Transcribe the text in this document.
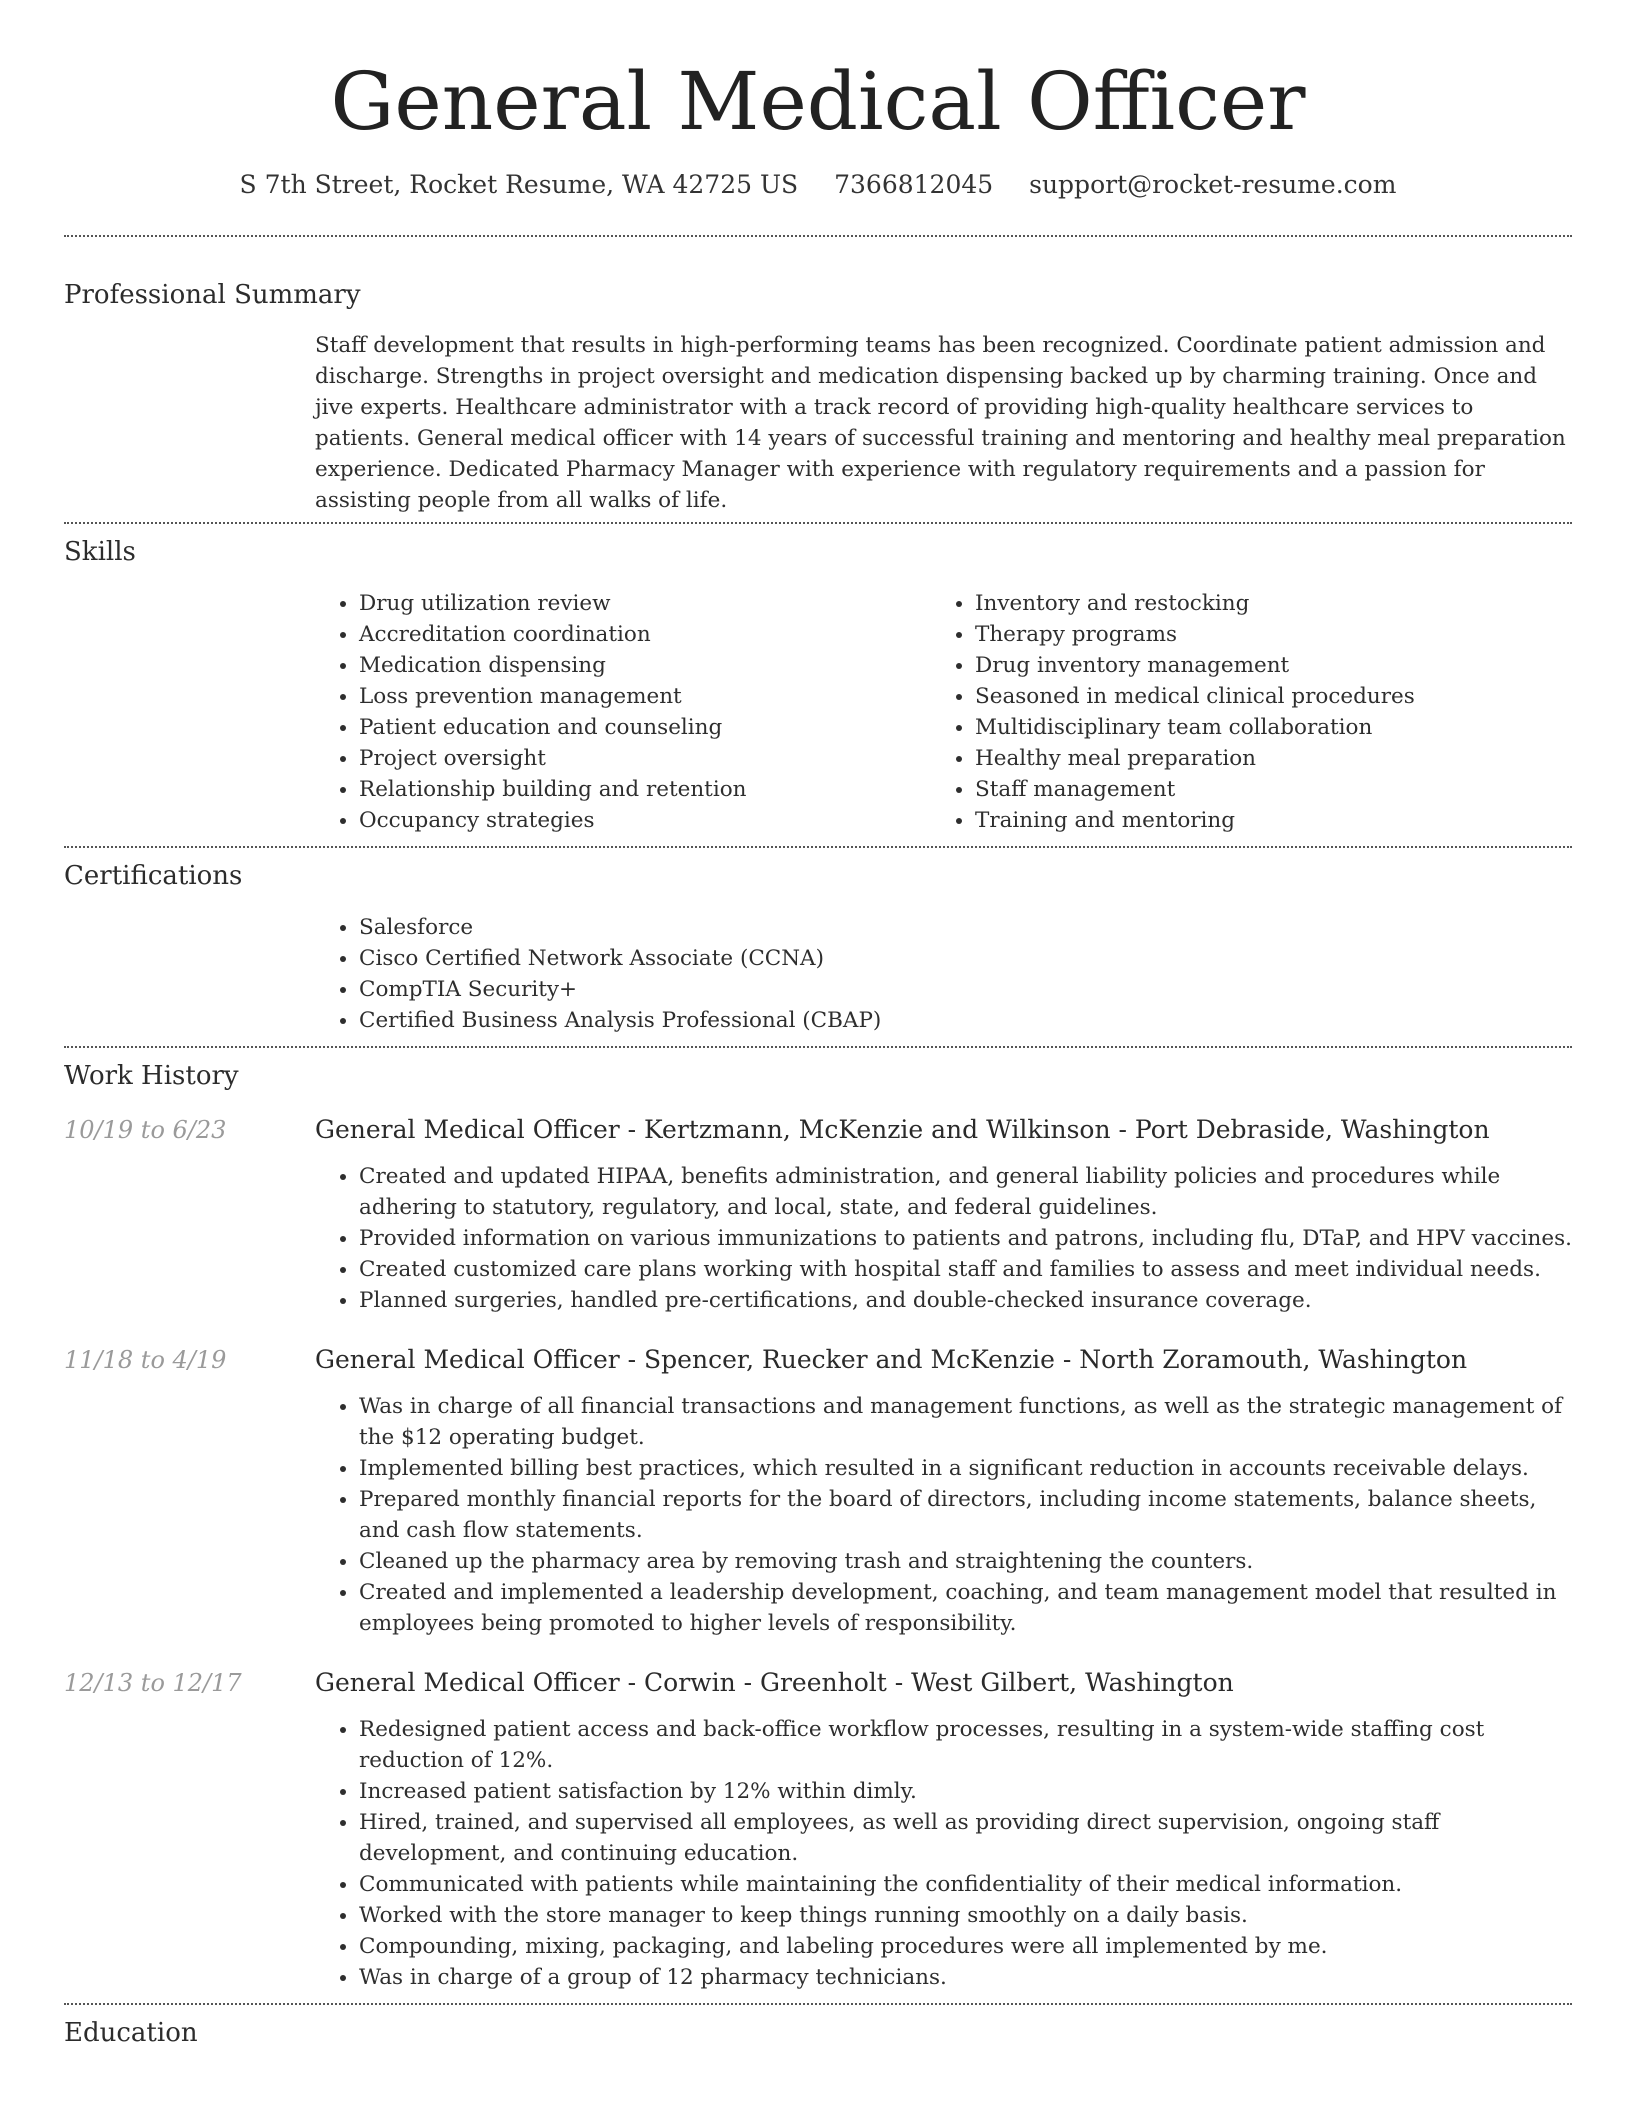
General Medical Officer
S 7th Street, Rocket Resume, WA 42725 US 7366812045 support@rocket-resume.com
Professional Summary
Staff development that results in high-performing teams has been recognized. Coordinate patient admission and discharge. Strengths in project oversight and medication dispensing backed up by charming training. Once and jive experts. Healthcare administrator with a track record of providing high-quality healthcare services to patients. General medical officer with 14 years of successful training and mentoring and healthy meal preparation experience. Dedicated Pharmacy Manager with experience with regulatory requirements and a passion for assisting people from all walks of life.
Skills
• Drug utilization review
• Accreditation coordination
• Medication dispensing
• Loss prevention management
• Patient education and counseling
• Project oversight
• Relationship building and retention
• Occupancy strategies
• Inventory and restocking
• Therapy programs
• Drug inventory management
• Seasoned in medical clinical procedures
• Multidisciplinary team collaboration
• Healthy meal preparation
• Staff management
• Training and mentoring
Certifications
• Salesforce
• Cisco Certified Network Associate (CCNA)
• CompTIA Security+
• Certified Business Analysis Professional (CBAP)
Work History
10/19 to 6/23	General Medical Officer - Kertzmann, McKenzie and Wilkinson - Port Debraside, Washington
• Created and updated HIPAA, benefits administration, and general liability policies and procedures while adhering to statutory, regulatory, and local, state, and federal guidelines.
• Provided information on various immunizations to patients and patrons, including flu, DTaP, and HPV vaccines.
• Created customized care plans working with hospital staff and families to assess and meet individual needs.
• Planned surgeries, handled pre-certifications, and double-checked insurance coverage.
11/18 to 4/19	General Medical Officer - Spencer, Ruecker and McKenzie - North Zoramouth, Washington
• Was in charge of all financial transactions and management functions, as well as the strategic management of the $12 operating budget.
• Implemented billing best practices, which resulted in a significant reduction in accounts receivable delays.
• Prepared monthly financial reports for the board of directors, including income statements, balance sheets, and cash flow statements.
• Cleaned up the pharmacy area by removing trash and straightening the counters.
• Created and implemented a leadership development, coaching, and team management model that resulted in employees being promoted to higher levels of responsibility.
12/13 to 12/17	General Medical Officer - Corwin - Greenholt - West Gilbert, Washington
• Redesigned patient access and back-office workflow processes, resulting in a system-wide staffing cost reduction of 12%.
• Increased patient satisfaction by 12% within dimly.
• Hired, trained, and supervised all employees, as well as providing direct supervision, ongoing staff development, and continuing education.
• Communicated with patients while maintaining the confidentiality of their medical information.
• Worked with the store manager to keep things running smoothly on a daily basis.
• Compounding, mixing, packaging, and labeling procedures were all implemented by me.
• Was in charge of a group of 12 pharmacy technicians.
Education
